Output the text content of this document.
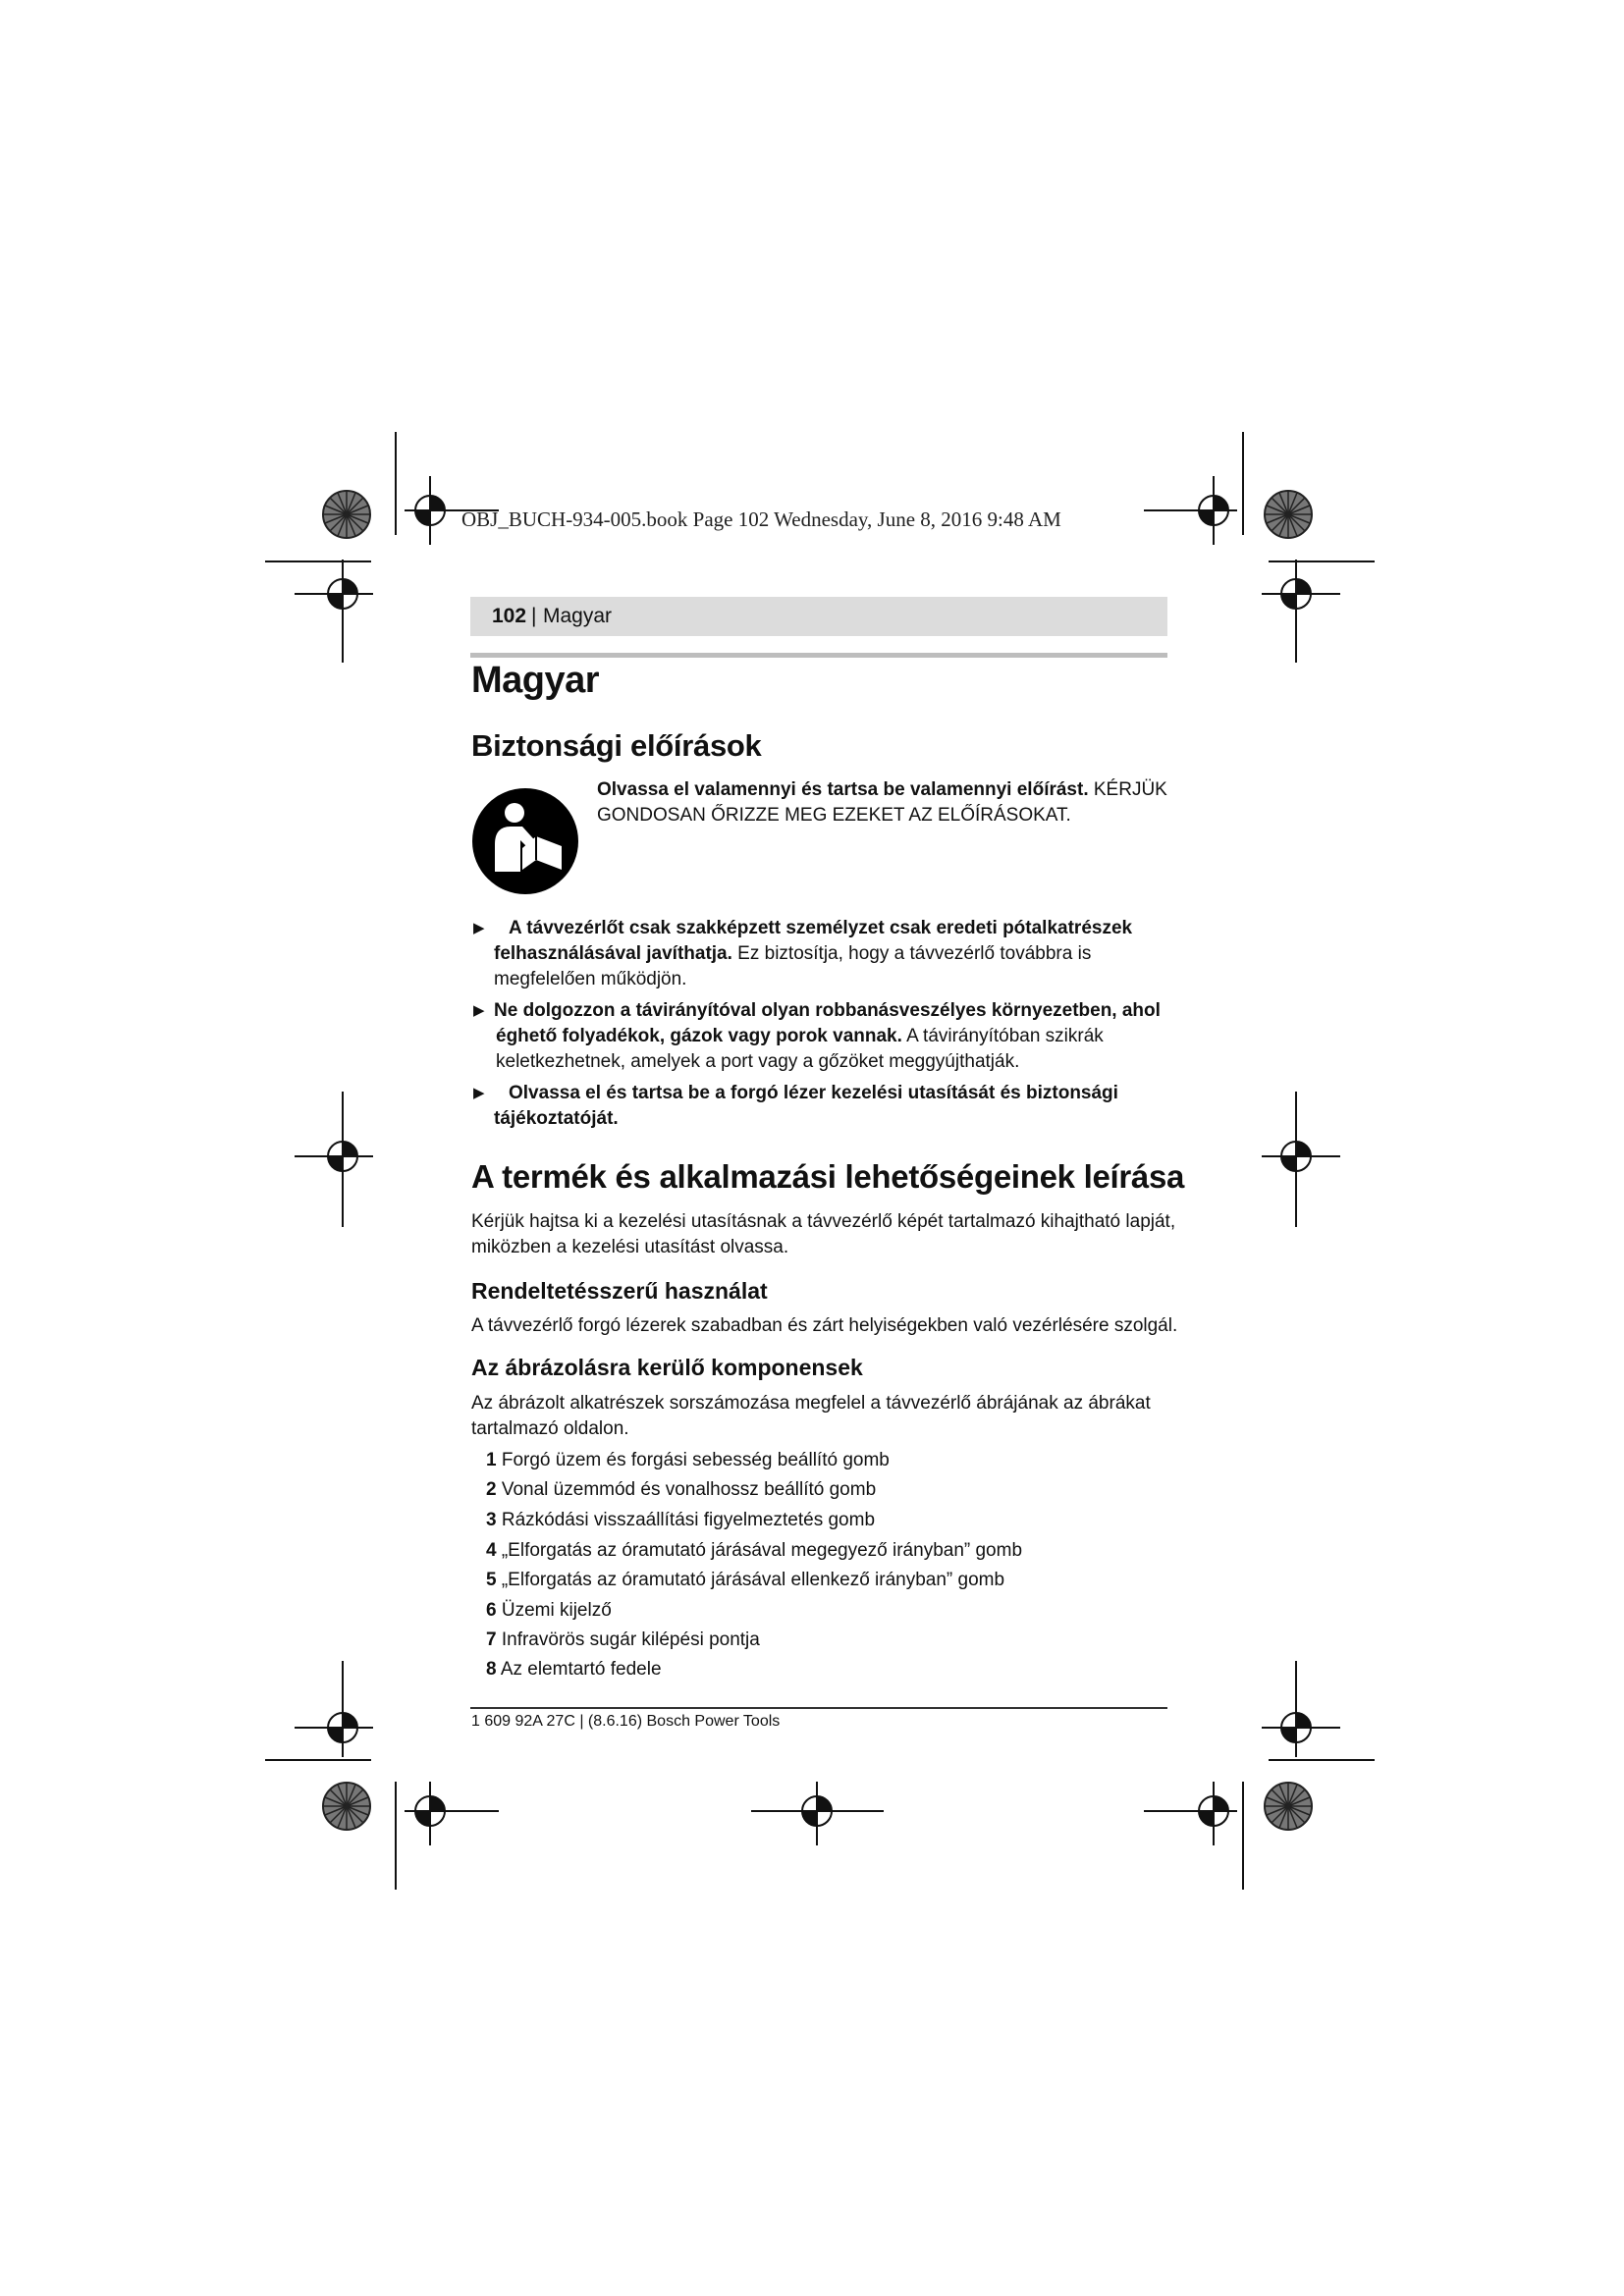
OBJ_BUCH-934-005.book Page 102 Wednesday, June 8, 2016 9:48 AM
102 | Magyar
Magyar
Biztonsági előírások
Olvassa el valamennyi és tartsa be valamennyi előírást. KÉRJÜK GONDOSAN ŐRIZZE MEG EZEKET AZ ELŐÍRÁSOKAT.
▶	A távvezérlőt csak szakképzett személyzet csak eredeti pótalkatrészek felhasználásával javíthatja. Ez biztosítja, hogy a távvezérlő továbbra is megfelelően működjön.
▶ Ne dolgozzon a távirányítóval olyan robbanásveszélyes környezetben, ahol éghető folyadékok, gázok vagy porok vannak. A távirányítóban szikrák keletkezhetnek, amelyek a port vagy a gőzöket meggyújthatják.
▶	Olvassa el és tartsa be a forgó lézer kezelési utasítását és biztonsági tájékoztatóját.
A termék és alkalmazási lehetőségeinek leírása
Kérjük hajtsa ki a kezelési utasításnak a távvezérlő képét tartalmazó kihajtható lapját, miközben a kezelési utasítást olvassa.
Rendeltetésszerű használat
A távvezérlő forgó lézerek szabadban és zárt helyiségekben való vezérlésére szolgál.
Az ábrázolásra kerülő komponensek
Az ábrázolt alkatrészek sorszámozása megfelel a távvezérlő ábrájának az ábrákat tartalmazó oldalon.
1 Forgó üzem és forgási sebesség beállító gomb
2 Vonal üzemmód és vonalhossz beállító gomb
3 Rázkódási visszaállítási figyelmeztetés gomb
4 „Elforgatás az óramutató járásával megegyező irányban” gomb
5 „Elforgatás az óramutató járásával ellenkező irányban” gomb
6 Üzemi kijelző
7 Infravörös sugár kilépési pontja
8 Az elemtartó fedele
1 609 92A 27C | (8.6.16) Bosch Power Tools
